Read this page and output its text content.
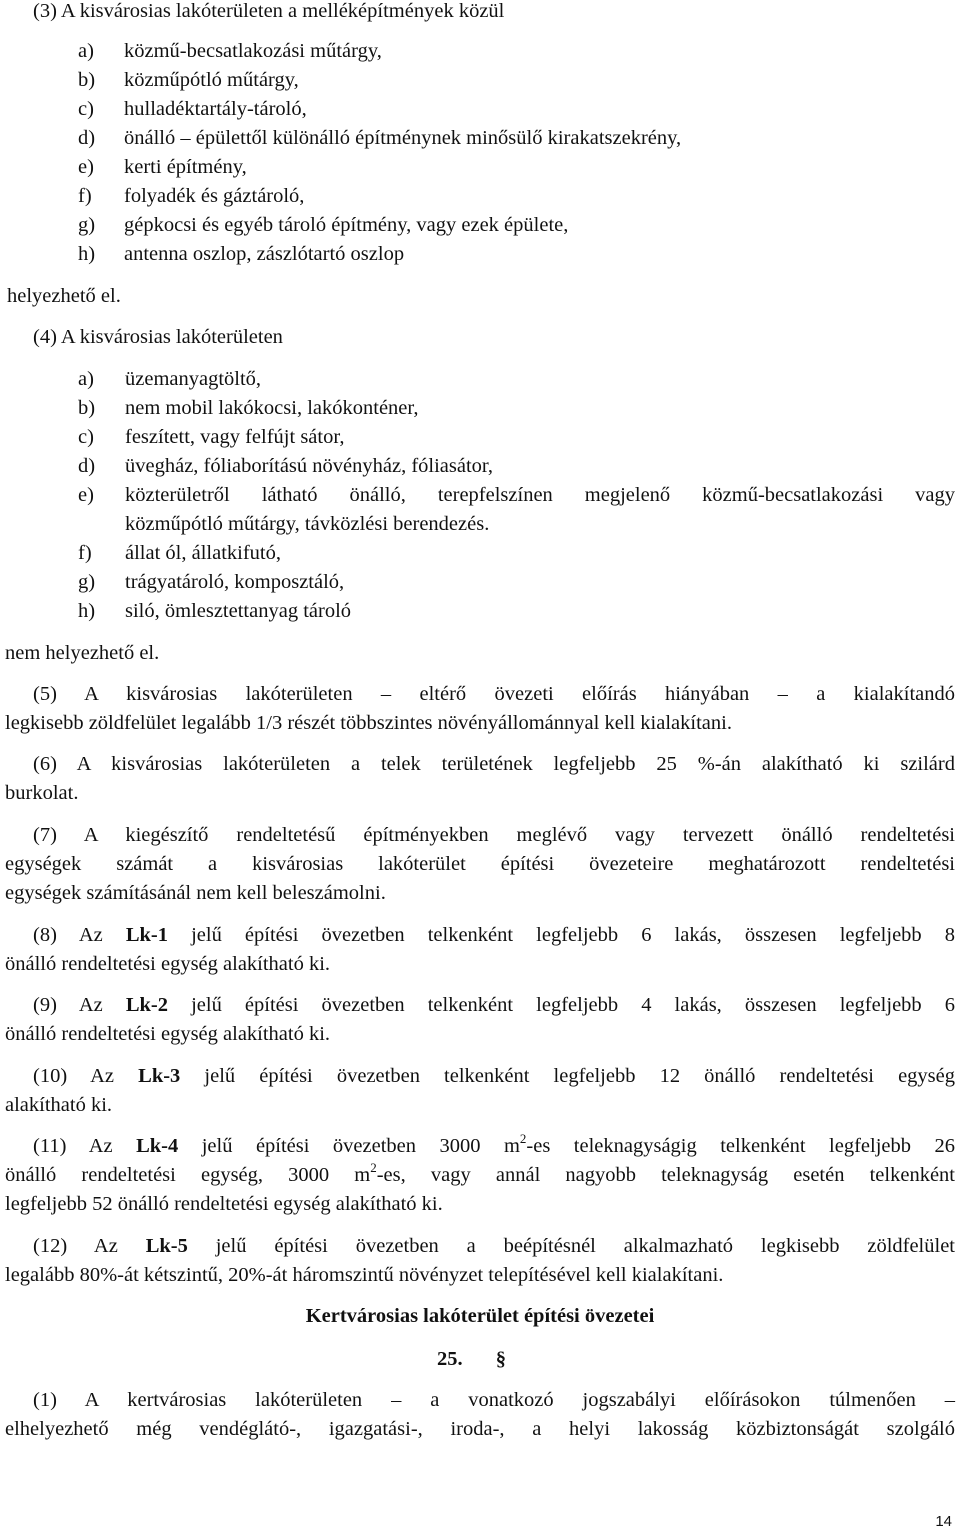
(3) A kisvárosias lakóterületen a melléképítmények közül
a) közmű-becsatlakozási műtárgy,
b) közműpótló műtárgy,
c) hulladéktartály-tároló,
d) önálló – épülettől különálló építménynek minősülő kirakatszekrény,
e) kerti építmény,
f) folyadék és gáztároló,
g) gépkocsi és egyéb tároló építmény, vagy ezek épülete,
h) antenna oszlop, zászlótartó oszlop
helyezhető el.
(4) A kisvárosias lakóterületen
a) üzemanyagtöltő,
b) nem mobil lakókocsi, lakókonténer,
c) feszített, vagy felfújt sátor,
d) üvegház, fóliaborítású növényház, fóliasátor,
e) közterületről látható önálló, terepfelszínen megjelenő közmű-becsatlakozási vagy
közműpótló műtárgy, távközlési berendezés.
f) állat ól, állatkifutó,
g) trágyatároló, komposztáló,
h) siló, ömlesztettanyag tároló
nem helyezhető el.
(5) A kisvárosias lakóterületen – eltérő övezeti előírás hiányában – a kialakítandó
legkisebb zöldfelület legalább 1/3 részét többszintes növényállománnyal kell kialakítani.
(6) A kisvárosias lakóterületen a telek területének legfeljebb 25 %-án alakítható ki szilárd
burkolat.
(7) A kiegészítő rendeltetésű építményekben meglévő vagy tervezett önálló rendeltetési
egységek számát a kisvárosias lakóterület építési övezeteire meghatározott rendeltetési
egységek számításánál nem kell beleszámolni.
(8) Az Lk-1 jelű építési övezetben telkenként legfeljebb 6 lakás, összesen legfeljebb 8
önálló rendeltetési egység alakítható ki.
(9) Az Lk-2 jelű építési övezetben telkenként legfeljebb 4 lakás, összesen legfeljebb 6
önálló rendeltetési egység alakítható ki.
(10) Az Lk-3 jelű építési övezetben telkenként legfeljebb 12 önálló rendeltetési egység
alakítható ki.
(11) Az Lk-4 jelű építési övezetben 3000 $m^2-es$ teleknagyságig telkenként legfeljebb 26
önálló rendeltetési egység, 3000 $m^2-es$, vagy annál nagyobb teleknagyság esetén telkenként
legfeljebb 52 önálló rendeltetési egység alakítható ki.
(12) Az Lk-5 jelű építési övezetben a beépítésnél alkalmazható legkisebb zöldfelület
legalább 80%-át kétszintű, 20%-át háromszintű növényzet telepítésével kell kialakítani.
Kertvárosias lakóterület építési övezetei
25. §
(1) A kertvárosias lakóterületen – a vonatkozó jogszabályi előírásokon túlmenően –
elhelyezhető még vendéglátó-, igazgatási-, iroda-, a helyi lakosság közbiztonságát szolgáló
14
